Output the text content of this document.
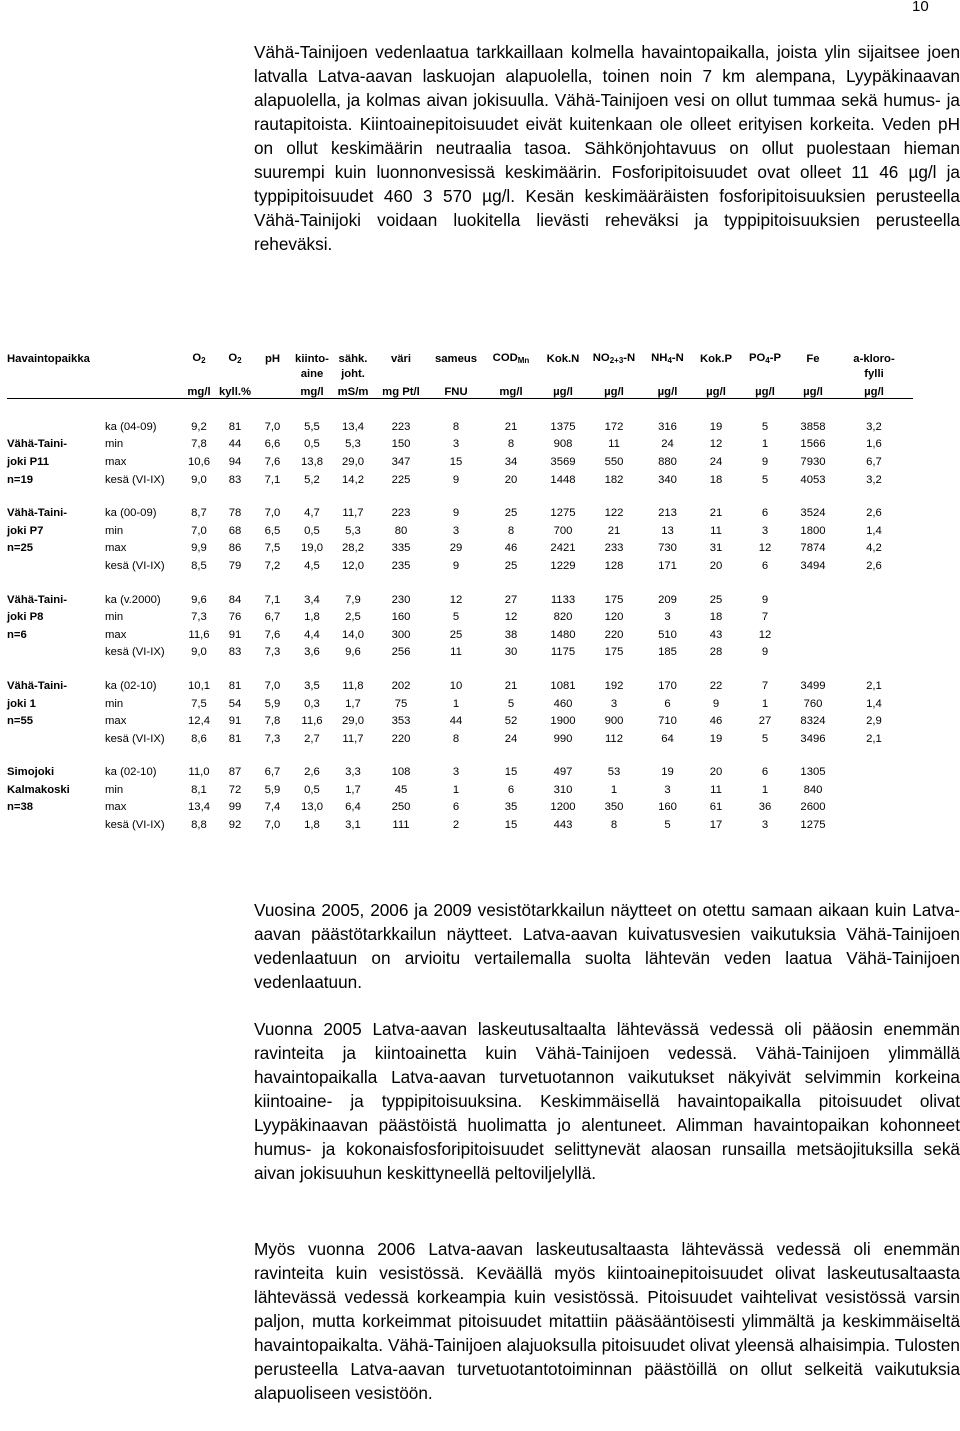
10

Vähä-Tainijoen vedenlaatua tarkkaillaan kolmella havaintopaikalla, joista ylin sijaitsee joen latvalla Latva-aavan laskuojan alapuolella, toinen noin 7 km alempana, Lyypäkinaavan alapuolella, ja kolmas aivan jokisuulla. Vähä-Tainijoen vesi on ollut tummaa sekä humus- ja rautapitoista. Kiintoainepitoisuudet eivät kuitenkaan ole olleet erityisen korkeita. Veden pH on ollut keskimäärin neutraalia tasoa. Sähkönjohtavuus on ollut puolestaan hieman suurempi kuin luonnonvesissä keskimäärin. Fosforipitoisuudet ovat olleet 11 46 µg/l ja typpipitoisuudet 460 3 570 µg/l. Kesän keskimääräisten fosforipitoisuuksien perusteella Vähä-Tainijoki voidaan luokitella lievästi reheväksi ja typpipitoisuuksien perusteella reheväksi.

Havaintopaikka		$O_2$	$O_2$	pH	kiinto-	sähk.	väri	sameus	$COD_{Mn}$	Kok.N	$NO_{2+3}-N$	$NH_4-N$	Kok.P	$PO_4-P$	Fe	a-kloro-
					aine	joht.										fylli
		mg/l	kyll.%		mg/l	mS/m	mg Pt/l	FNU	mg/l	µg/l	µg/l	µg/l	µg/l	µg/l	µg/l	µg/l

	ka (04-09)	9,2	81	7,0	5,5	13,4	223	8	21	1375	172	316	19	5	3858	3,2
Vähä-Taini-	min	7,8	44	6,6	0,5	5,3	150	3	8	908	11	24	12	1	1566	1,6
joki P11	max	10,6	94	7,6	13,8	29,0	347	15	34	3569	550	880	24	9	7930	6,7
n=19	kesä (VI-IX)	9,0	83	7,1	5,2	14,2	225	9	20	1448	182	340	18	5	4053	3,2

Vähä-Taini-	ka (00-09)	8,7	78	7,0	4,7	11,7	223	9	25	1275	122	213	21	6	3524	2,6
joki P7	min	7,0	68	6,5	0,5	5,3	80	3	8	700	21	13	11	3	1800	1,4
n=25	max	9,9	86	7,5	19,0	28,2	335	29	46	2421	233	730	31	12	7874	4,2
	kesä (VI-IX)	8,5	79	7,2	4,5	12,0	235	9	25	1229	128	171	20	6	3494	2,6

Vähä-Taini-	ka (v.2000)	9,6	84	7,1	3,4	7,9	230	12	27	1133	175	209	25	9		
joki P8	min	7,3	76	6,7	1,8	2,5	160	5	12	820	120	3	18	7		
n=6	max	11,6	91	7,6	4,4	14,0	300	25	38	1480	220	510	43	12		
	kesä (VI-IX)	9,0	83	7,3	3,6	9,6	256	11	30	1175	175	185	28	9		

Vähä-Taini-	ka (02-10)	10,1	81	7,0	3,5	11,8	202	10	21	1081	192	170	22	7	3499	2,1
joki 1	min	7,5	54	5,9	0,3	1,7	75	1	5	460	3	6	9	1	760	1,4
n=55	max	12,4	91	7,8	11,6	29,0	353	44	52	1900	900	710	46	27	8324	2,9
	kesä (VI-IX)	8,6	81	7,3	2,7	11,7	220	8	24	990	112	64	19	5	3496	2,1

Simojoki	ka (02-10)	11,0	87	6,7	2,6	3,3	108	3	15	497	53	19	20	6	1305	
Kalmakoski	min	8,1	72	5,9	0,5	1,7	45	1	6	310	1	3	11	1	840	
n=38	max	13,4	99	7,4	13,0	6,4	250	6	35	1200	350	160	61	36	2600	
	kesä (VI-IX)	8,8	92	7,0	1,8	3,1	111	2	15	443	8	5	17	3	1275	

Vuosina 2005, 2006 ja 2009 vesistötarkkailun näytteet on otettu samaan aikaan kuin Latva-aavan päästötarkkailun näytteet. Latva-aavan kuivatusvesien vaikutuksia Vähä-Tainijoen vedenlaatuun on arvioitu vertailemalla suolta lähtevän veden laatua Vähä-Tainijoen vedenlaatuun.

Vuonna 2005 Latva-aavan laskeutusaltaalta lähtevässä vedessä oli pääosin enemmän ravinteita ja kiintoainetta kuin Vähä-Tainijoen vedessä. Vähä-Tainijoen ylimmällä havaintopaikalla Latva-aavan turvetuotannon vaikutukset näkyivät selvimmin korkeina kiintoaine- ja typpipitoisuuksina. Keskimmäisellä havaintopaikalla pitoisuudet olivat Lyypäkinaavan päästöistä huolimatta jo alentuneet. Alimman havaintopaikan kohonneet humus- ja kokonaisfosforipitoisuudet selittynevät alaosan runsailla metsäojituksilla sekä aivan jokisuuhun keskittyneellä peltoviljelyllä.

Myös vuonna 2006 Latva-aavan laskeutusaltaasta lähtevässä vedessä oli enemmän ravinteita kuin vesistössä. Keväällä myös kiintoainepitoisuudet olivat laskeutusaltaasta lähtevässä vedessä korkeampia kuin vesistössä. Pitoisuudet vaihtelivat vesistössä varsin paljon, mutta korkeimmat pitoisuudet mitattiin pääsääntöisesti ylimmältä ja keskimmäiseltä havaintopaikalta. Vähä-Tainijoen alajuoksulla pitoisuudet olivat yleensä alhaisimpia. Tulosten perusteella Latva-aavan turvetuotantotoiminnan päästöillä on ollut selkeitä vaikutuksia alapuoliseen vesistöön.
